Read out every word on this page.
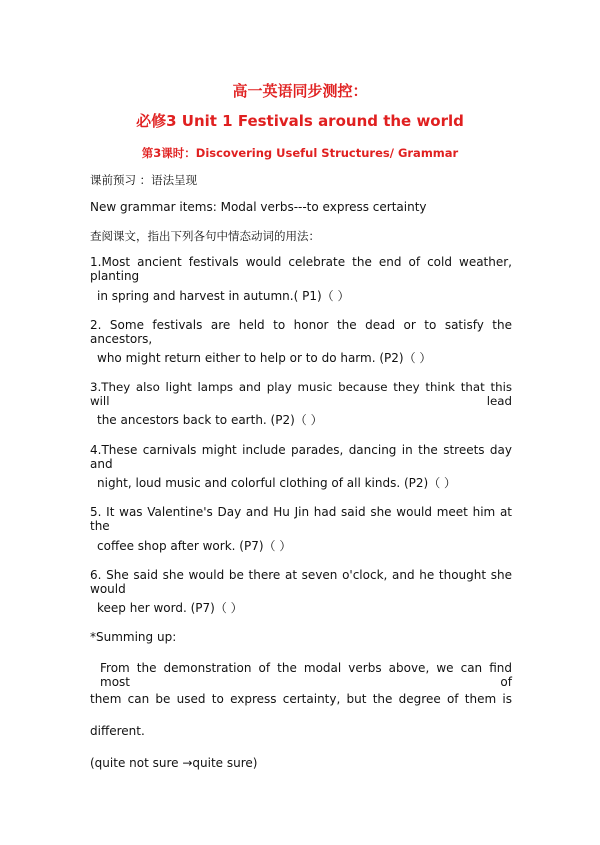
高一英语同步测控：
必修3 Unit 1 Festivals around the world
第3课时：Discovering Useful Structures/ Grammar
课前预习 ：语法呈现
New grammar items: Modal verbs---to express certainty
查阅课文，指出下列各句中情态动词的用法：
1.Most ancient festivals would celebrate the end of cold weather, planting
in spring and harvest in autumn.( P1)（ ）
2. Some festivals are held to honor the dead or to satisfy the ancestors,
who might return either to help or to do harm. (P2)（ ）
3.They also light lamps and play music because they think that this will lead
the ancestors back to earth. (P2)（ ）
4.These carnivals might include parades, dancing in the streets day and
night, loud music and colorful clothing of all kinds. (P2)（ ）
5. It was Valentine's Day and Hu Jin had said she would meet him at the
coffee shop after work. (P7)（ ）
6. She said she would be there at seven o'clock, and he thought she would
keep her word. (P7)（ ）
*Summing up:
From the demonstration of the modal verbs above, we can find most of
them can be used to express certainty, but the degree of them is
different.
(quite not sure →quite sure)
